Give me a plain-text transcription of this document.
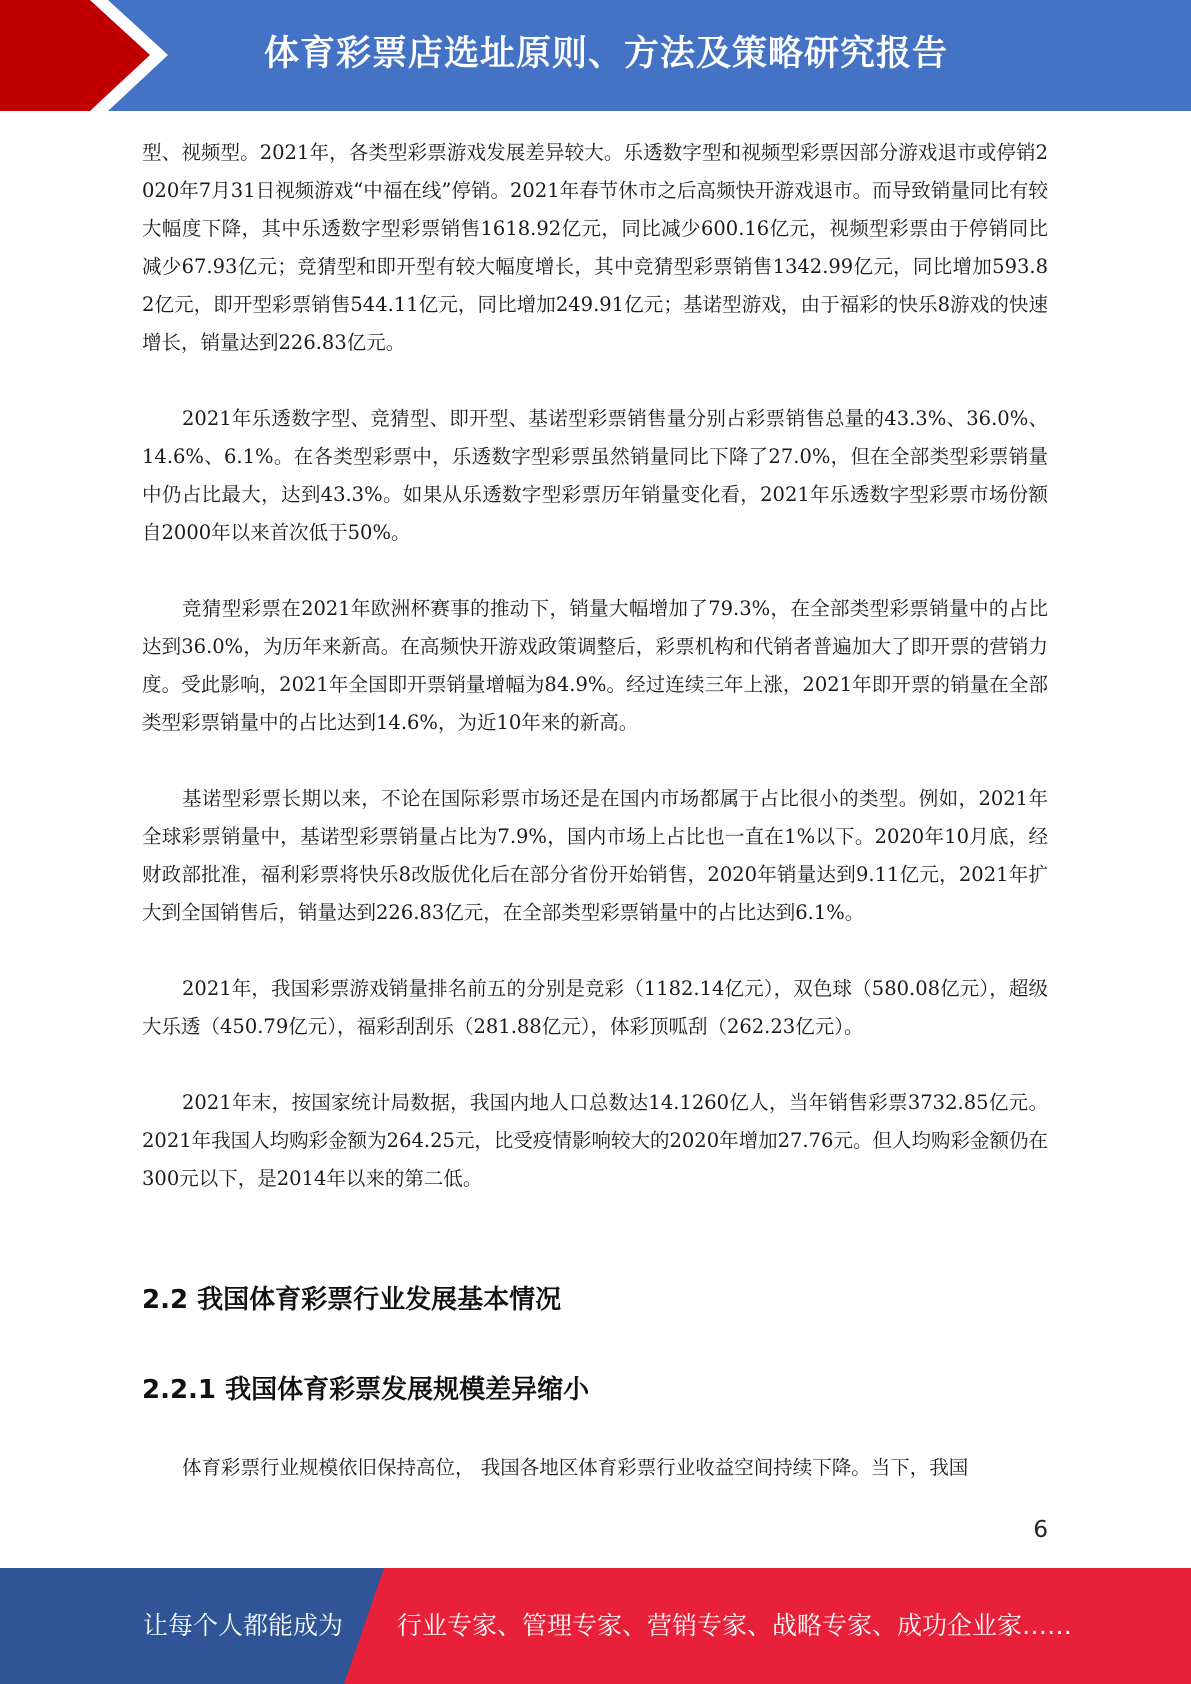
体育彩票店选址原则、方法及策略研究报告

型、视频型。2021年，各类型彩票游戏发展差异较大。乐透数字型和视频型彩票因部分游戏退市或停销2020年7月31日视频游戏“中福在线”停销。2021年春节休市之后高频快开游戏退市。而导致销量同比有较大幅度下降，其中乐透数字型彩票销售1618.92亿元，同比减少600.16亿元，视频型彩票由于停销同比减少67.93亿元；竞猜型和即开型有较大幅度增长，其中竞猜型彩票销售1342.99亿元，同比增加593.82亿元，即开型彩票销售544.11亿元，同比增加249.91亿元；基诺型游戏，由于福彩的快乐8游戏的快速增长，销量达到226.83亿元。

2021年乐透数字型、竞猜型、即开型、基诺型彩票销售量分别占彩票销售总量的43.3%、36.0%、14.6%、6.1%。在各类型彩票中，乐透数字型彩票虽然销量同比下降了27.0%，但在全部类型彩票销量中仍占比最大，达到43.3%。如果从乐透数字型彩票历年销量变化看，2021年乐透数字型彩票市场份额自2000年以来首次低于50%。

竞猜型彩票在2021年欧洲杯赛事的推动下，销量大幅增加了79.3%，在全部类型彩票销量中的占比达到36.0%，为历年来新高。在高频快开游戏政策调整后，彩票机构和代销者普遍加大了即开票的营销力度。受此影响，2021年全国即开票销量增幅为84.9%。经过连续三年上涨，2021年即开票的销量在全部类型彩票销量中的占比达到14.6%，为近10年来的新高。

基诺型彩票长期以来，不论在国际彩票市场还是在国内市场都属于占比很小的类型。例如，2021年全球彩票销量中，基诺型彩票销量占比为7.9%，国内市场上占比也一直在1%以下。2020年10月底，经财政部批准，福利彩票将快乐8改版优化后在部分省份开始销售，2020年销量达到9.11亿元，2021年扩大到全国销售后，销量达到226.83亿元，在全部类型彩票销量中的占比达到6.1%。

2021年，我国彩票游戏销量排名前五的分别是竞彩（1182.14亿元），双色球（580.08亿元），超级大乐透（450.79亿元），福彩刮刮乐（281.88亿元），体彩顶呱刮（262.23亿元）。

2021年末，按国家统计局数据，我国内地人口总数达14.1260亿人，当年销售彩票3732.85亿元。2021年我国人均购彩金额为264.25元，比受疫情影响较大的2020年增加27.76元。但人均购彩金额仍在300元以下，是2014年以来的第二低。

2.2 我国体育彩票行业发展基本情况
2.2.1 我国体育彩票发展规模差异缩小

体育彩票行业规模依旧保持高位， 我国各地区体育彩票行业收益空间持续下降。当下，我国

6
让每个人都能成为 行业专家、管理专家、营销专家、战略专家、成功企业家……
